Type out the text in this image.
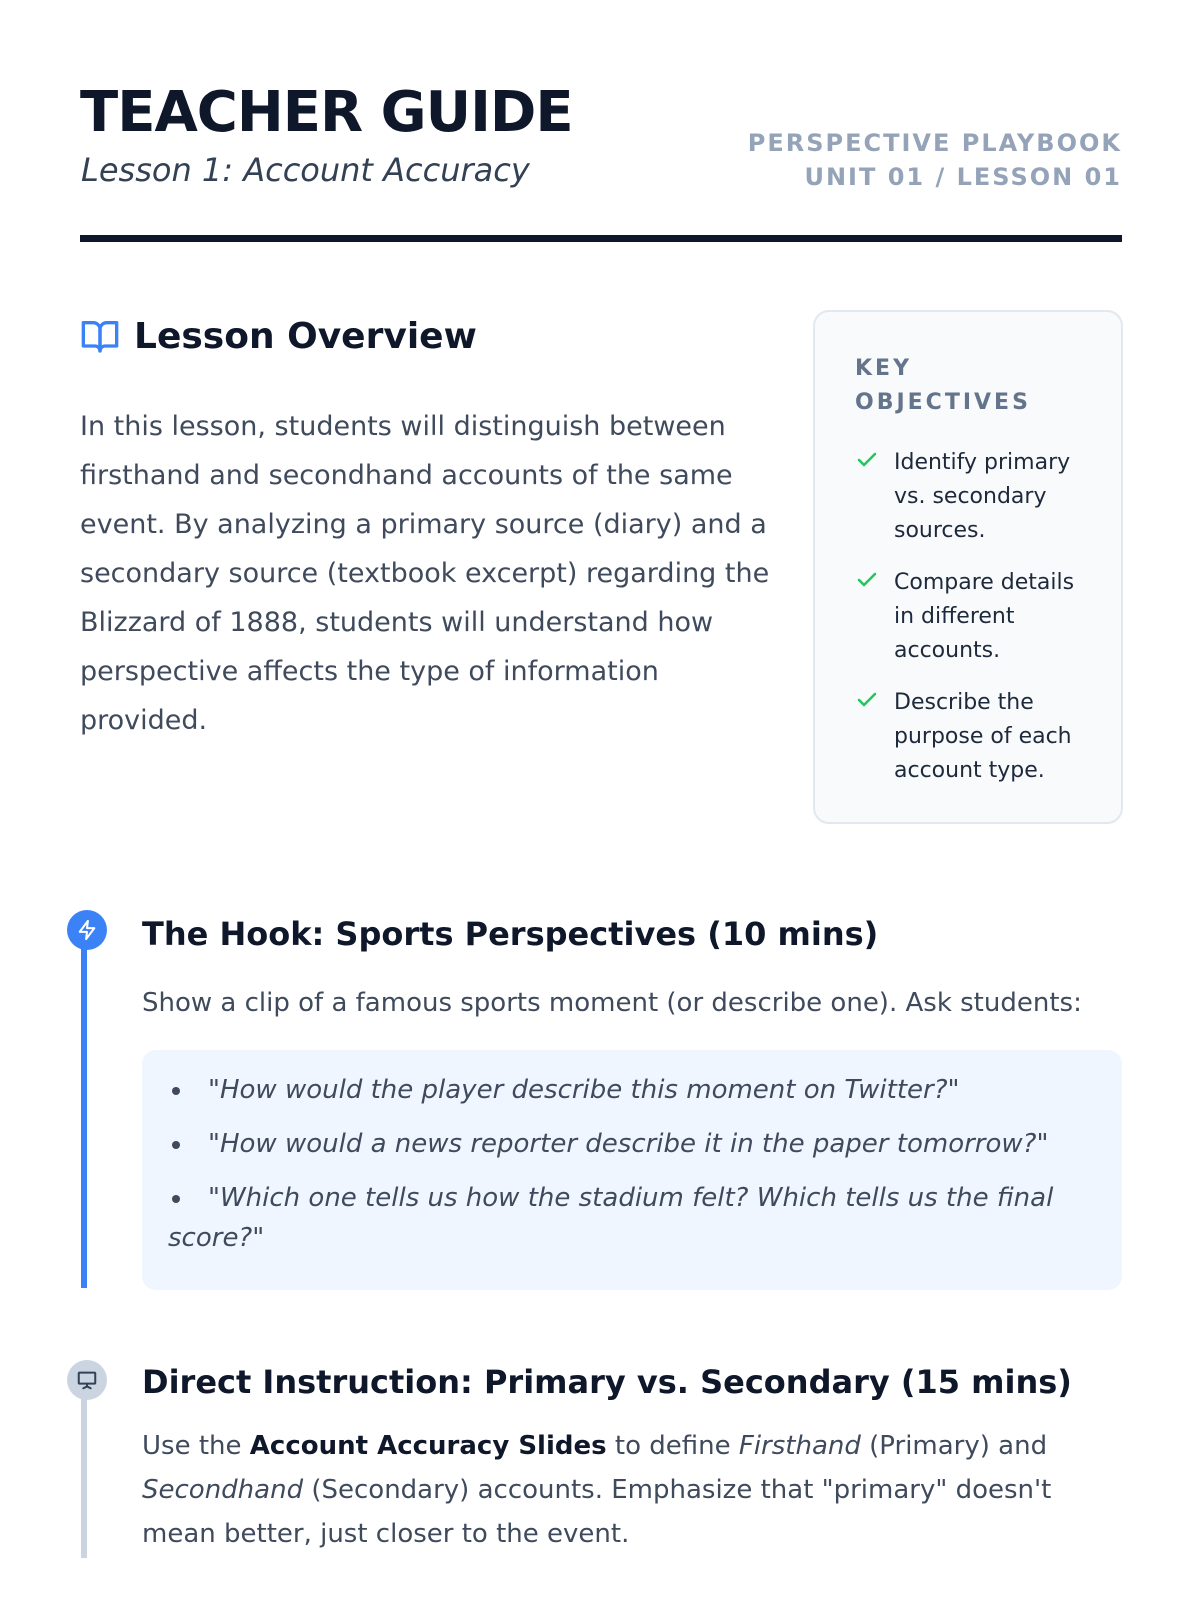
TEACHER GUIDE

Lesson 1: Account Accuracy

PERSPECTIVE PLAYBOOK
UNIT 01 / LESSON 01
Lesson Overview

In this lesson, students will distinguish between firsthand and secondhand accounts of the same event. By analyzing a primary source (diary) and a secondary source (textbook excerpt) regarding the Blizzard of 1888, students will understand how perspective affects the type of information provided.

KEY OBJECTIVES

Identify primary vs. secondary sources.
Compare details in different accounts.
Describe the purpose of each account type.
The Hook: Sports Perspectives (10 mins)

Show a clip of a famous sports moment (or describe one). Ask students:

"How would the player describe this moment on Twitter?"
"How would a news reporter describe it in the paper tomorrow?"
"Which one tells us how the stadium felt? Which tells us the final score?"
Direct Instruction: Primary vs. Secondary (15 mins)

Use the Account Accuracy Slides to define Firsthand (Primary) and Secondhand (Secondary) accounts. Emphasize that "primary" doesn't mean better, just closer to the event.
